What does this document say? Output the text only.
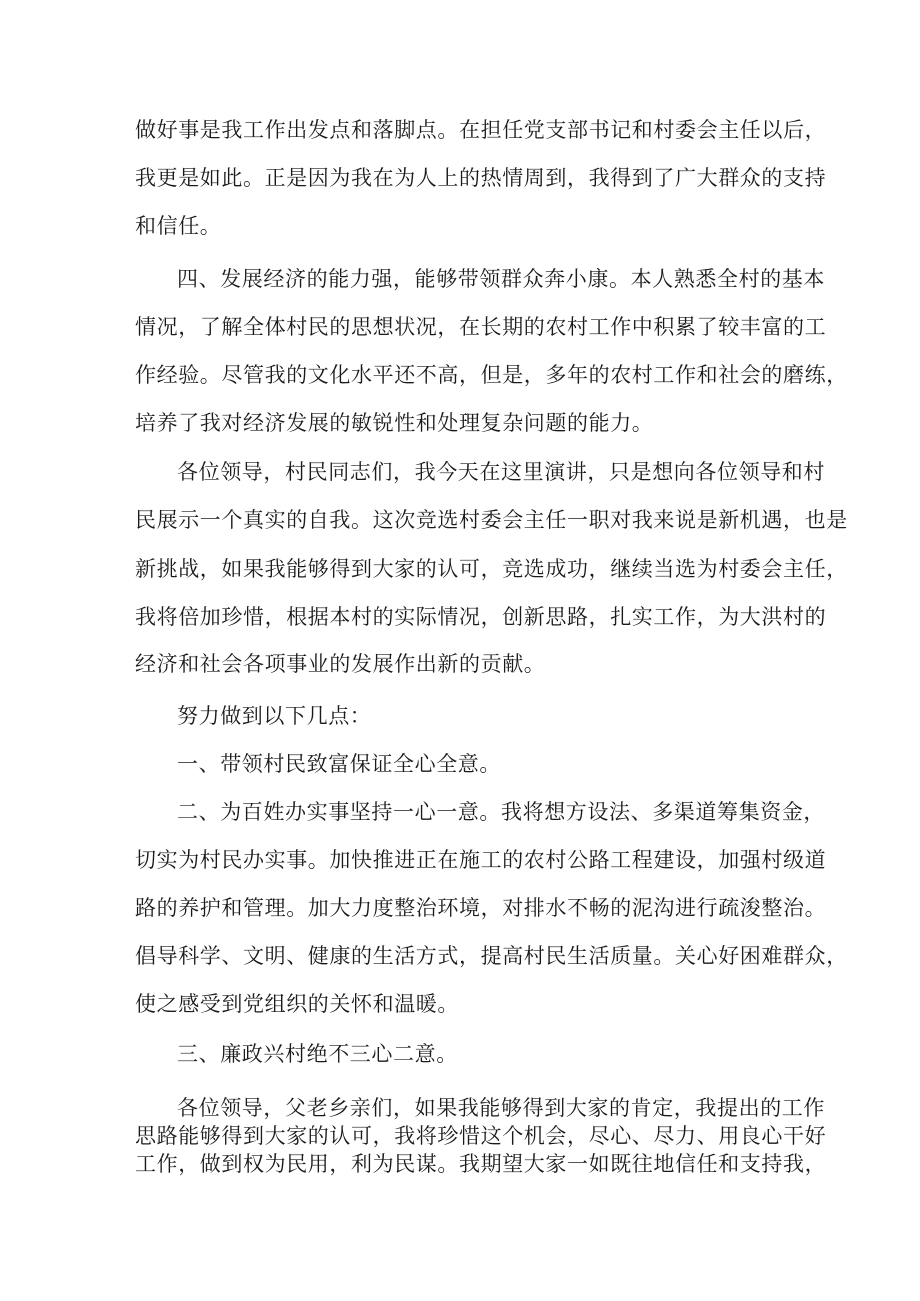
做好事是我工作出发点和落脚点。在担任党支部书记和村委会主任以后，
我更是如此。正是因为我在为人上的热情周到，我得到了广大群众的支持
和信任。
四、发展经济的能力强，能够带领群众奔小康。本人熟悉全村的基本
情况，了解全体村民的思想状况，在长期的农村工作中积累了较丰富的工
作经验。尽管我的文化水平还不高，但是，多年的农村工作和社会的磨练，
培养了我对经济发展的敏锐性和处理复杂问题的能力。
各位领导，村民同志们，我今天在这里演讲，只是想向各位领导和村
民展示一个真实的自我。这次竞选村委会主任一职对我来说是新机遇，也是
新挑战，如果我能够得到大家的认可，竞选成功，继续当选为村委会主任，
我将倍加珍惜，根据本村的实际情况，创新思路，扎实工作，为大洪村的
经济和社会各项事业的发展作出新的贡献。
努力做到以下几点：
一、带领村民致富保证全心全意。
二、为百姓办实事坚持一心一意。我将想方设法、多渠道筹集资金，
切实为村民办实事。加快推进正在施工的农村公路工程建设，加强村级道
路的养护和管理。加大力度整治环境，对排水不畅的泥沟进行疏浚整治。
倡导科学、文明、健康的生活方式，提高村民生活质量。关心好困难群众，
使之感受到党组织的关怀和温暖。
三、廉政兴村绝不三心二意。
各位领导，父老乡亲们，如果我能够得到大家的肯定，我提出的工作
思路能够得到大家的认可，我将珍惜这个机会，尽心、尽力、用良心干好
工作，做到权为民用，利为民谋。我期望大家一如既往地信任和支持我，
